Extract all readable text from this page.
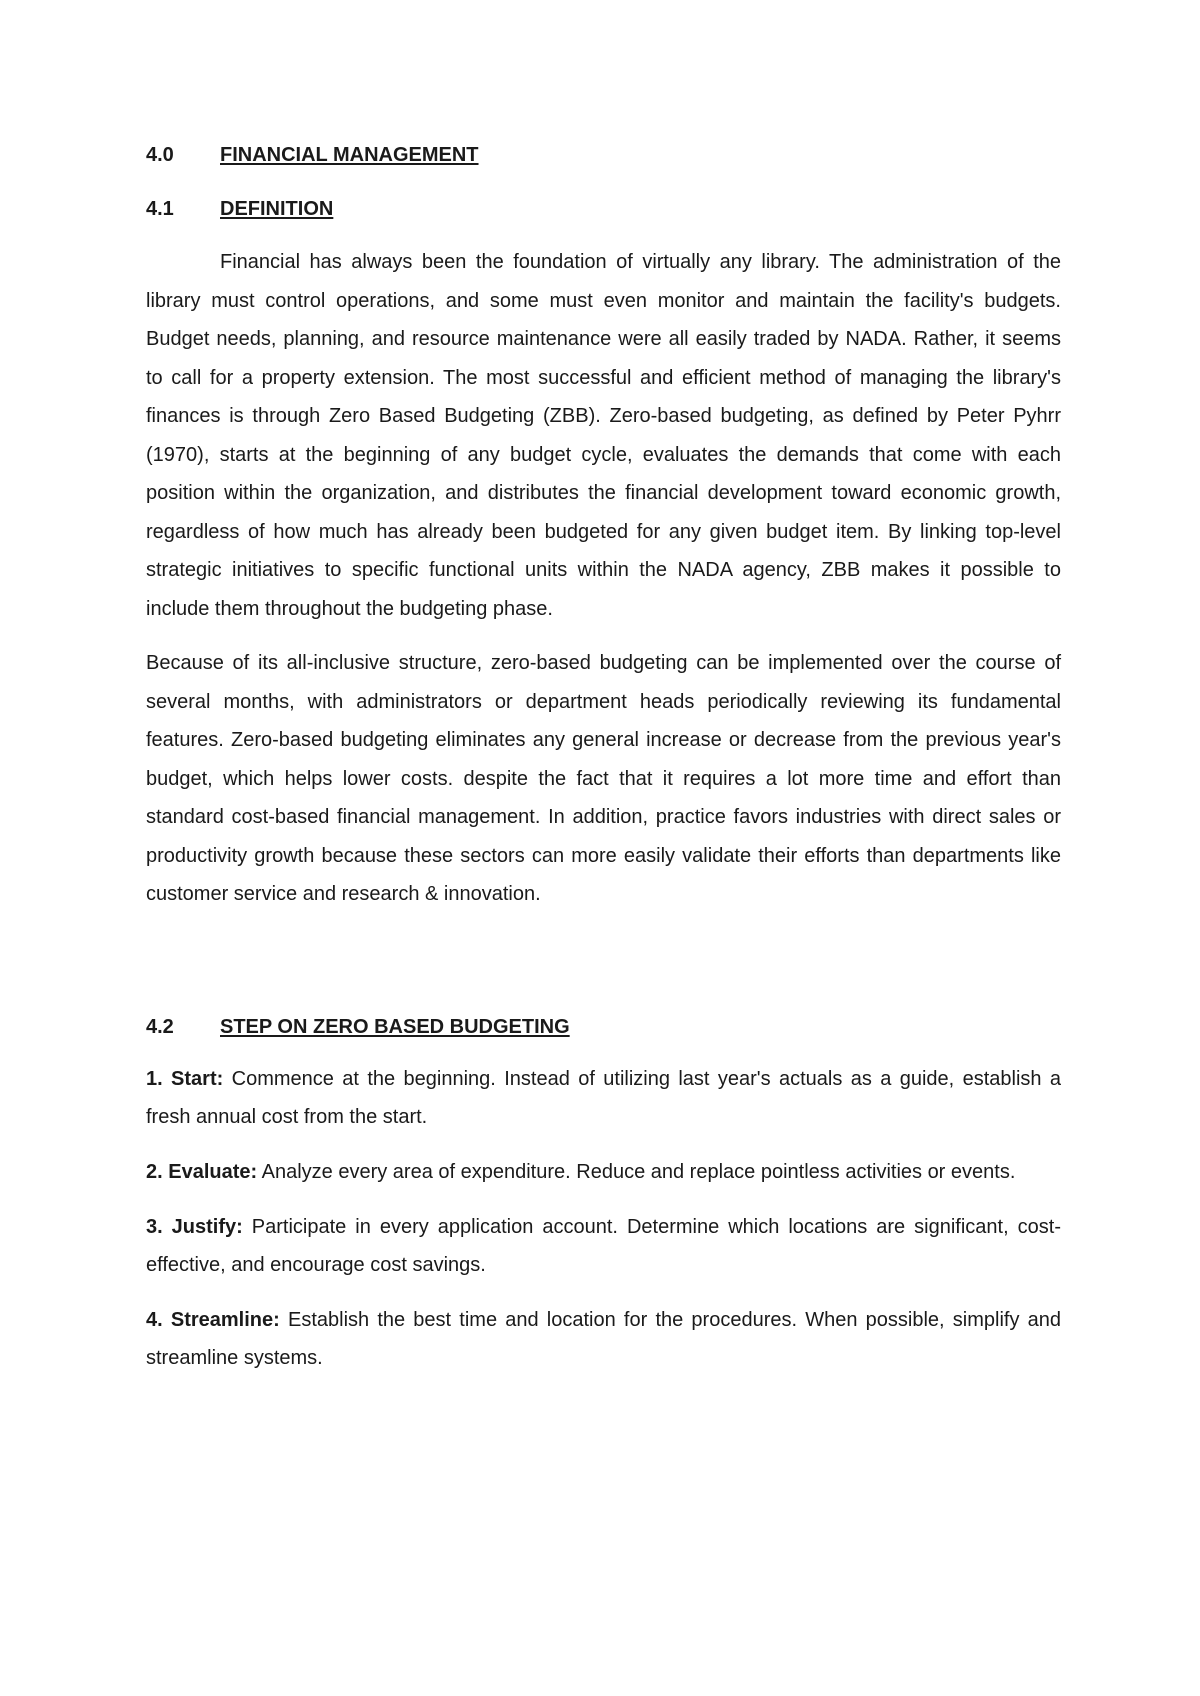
4.0	FINANCIAL MANAGEMENT
4.1	DEFINITION

Financial has always been the foundation of virtually any library. The administration of the library must control operations, and some must even monitor and maintain the facility's budgets. Budget needs, planning, and resource maintenance were all easily traded by NADA. Rather, it seems to call for a property extension. The most successful and efficient method of managing the library's finances is through Zero Based Budgeting (ZBB). Zero-based budgeting, as defined by Peter Pyhrr (1970), starts at the beginning of any budget cycle, evaluates the demands that come with each position within the organization, and distributes the financial development toward economic growth, regardless of how much has already been budgeted for any given budget item. By linking top-level strategic initiatives to specific functional units within the NADA agency, ZBB makes it possible to include them throughout the budgeting phase.

Because of its all-inclusive structure, zero-based budgeting can be implemented over the course of several months, with administrators or department heads periodically reviewing its fundamental features. Zero-based budgeting eliminates any general increase or decrease from the previous year's budget, which helps lower costs. despite the fact that it requires a lot more time and effort than standard cost-based financial management. In addition, practice favors industries with direct sales or productivity growth because these sectors can more easily validate their efforts than departments like customer service and research & innovation.

4.2	STEP ON ZERO BASED BUDGETING

1. Start: Commence at the beginning. Instead of utilizing last year's actuals as a guide, establish a fresh annual cost from the start.

2. Evaluate: Analyze every area of expenditure. Reduce and replace pointless activities or events.

3. Justify: Participate in every application account. Determine which locations are significant, cost-effective, and encourage cost savings.

4. Streamline: Establish the best time and location for the procedures. When possible, simplify and streamline systems.
